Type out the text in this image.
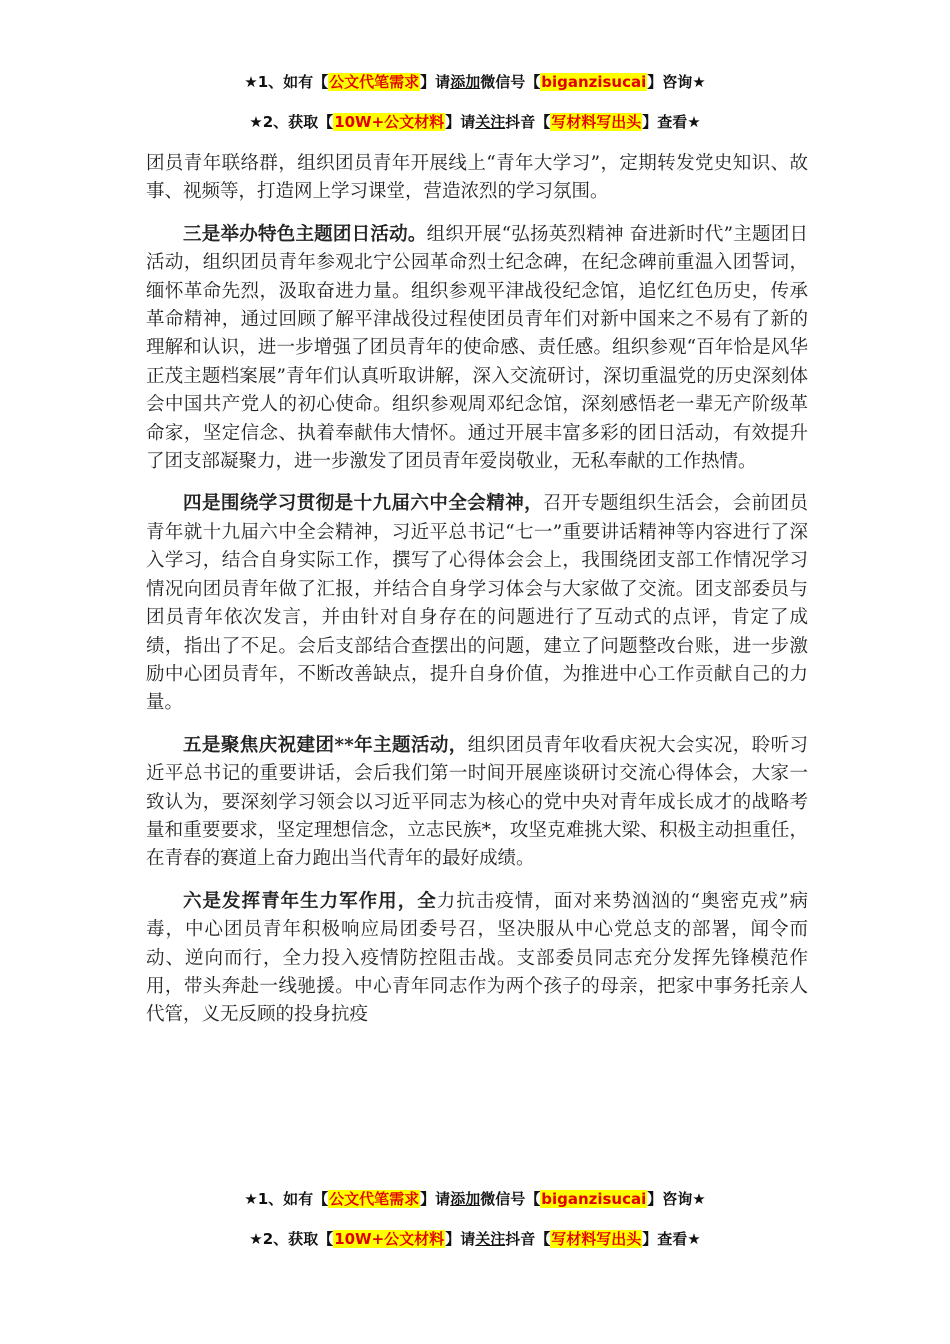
★1、如有【公文代笔需求】请添加微信号【biganzisucai】咨询★
★2、获取【10W+公文材料】请关注抖音【写材料写出头】查看★

团员青年联络群，组织团员青年开展线上“青年大学习”，定期转发党史知识、故事、视频等，打造网上学习课堂，营造浓烈的学习氛围。

三是举办特色主题团日活动。组织开展“弘扬英烈精神 奋进新时代”主题团日活动，组织团员青年参观北宁公园革命烈士纪念碑，在纪念碑前重温入团誓词，缅怀革命先烈，汲取奋进力量。组织参观平津战役纪念馆，追忆红色历史，传承革命精神，通过回顾了解平津战役过程使团员青年们对新中国来之不易有了新的理解和认识，进一步增强了团员青年的使命感、责任感。组织参观“百年恰是风华正茂主题档案展”青年们认真听取讲解，深入交流研讨，深切重温党的历史深刻体会中国共产党人的初心使命。组织参观周邓纪念馆，深刻感悟老一辈无产阶级革命家，坚定信念、执着奉献伟大情怀。通过开展丰富多彩的团日活动，有效提升了团支部凝聚力，进一步激发了团员青年爱岗敬业，无私奉献的工作热情。

四是围绕学习贯彻是十九届六中全会精神，召开专题组织生活会，会前团员青年就十九届六中全会精神，习近平总书记“七一”重要讲话精神等内容进行了深入学习，结合自身实际工作，撰写了心得体会会上，我围绕团支部工作情况学习情况向团员青年做了汇报，并结合自身学习体会与大家做了交流。团支部委员与团员青年依次发言，并由针对自身存在的问题进行了互动式的点评，肯定了成绩，指出了不足。会后支部结合查摆出的问题，建立了问题整改台账，进一步激励中心团员青年，不断改善缺点，提升自身价值，为推进中心工作贡献自己的力量。

五是聚焦庆祝建团**年主题活动，组织团员青年收看庆祝大会实况，聆听习近平总书记的重要讲话，会后我们第一时间开展座谈研讨交流心得体会，大家一致认为，要深刻学习领会以习近平同志为核心的党中央对青年成长成才的战略考量和重要要求，坚定理想信念，立志民族*，攻坚克难挑大梁、积极主动担重任，在青春的赛道上奋力跑出当代青年的最好成绩。

六是发挥青年生力军作用，全力抗击疫情，面对来势汹汹的“奥密克戎”病毒，中心团员青年积极响应局团委号召，坚决服从中心党总支的部署，闻令而动、逆向而行，全力投入疫情防控阻击战。支部委员同志充分发挥先锋模范作用，带头奔赴一线驰援。中心青年同志作为两个孩子的母亲，把家中事务托亲人代管，义无反顾的投身抗疫

★1、如有【公文代笔需求】请添加微信号【biganzisucai】咨询★
★2、获取【10W+公文材料】请关注抖音【写材料写出头】查看★
